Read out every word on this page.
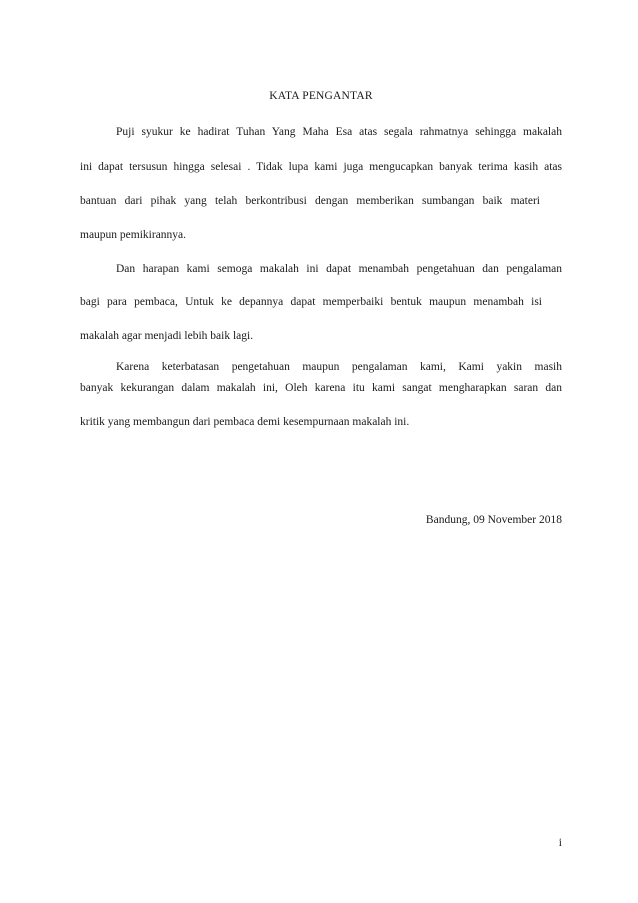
KATA PENGANTAR
Puji syukur ke hadirat Tuhan Yang Maha Esa atas segala rahmatnya sehingga makalah
ini dapat tersusun hingga selesai . Tidak lupa kami juga mengucapkan banyak terima kasih atas
bantuan dari pihak yang telah berkontribusi dengan memberikan sumbangan baik materi
maupun pemikirannya.
Dan harapan kami semoga makalah ini dapat menambah pengetahuan dan pengalaman
bagi para pembaca, Untuk ke depannya dapat memperbaiki bentuk maupun menambah isi
makalah agar menjadi lebih baik lagi.
Karena keterbatasan pengetahuan maupun pengalaman kami, Kami yakin masih
banyak kekurangan dalam makalah ini, Oleh karena itu kami sangat mengharapkan saran dan
kritik yang membangun dari pembaca demi kesempurnaan makalah ini.
Bandung, 09 November 2018
i
